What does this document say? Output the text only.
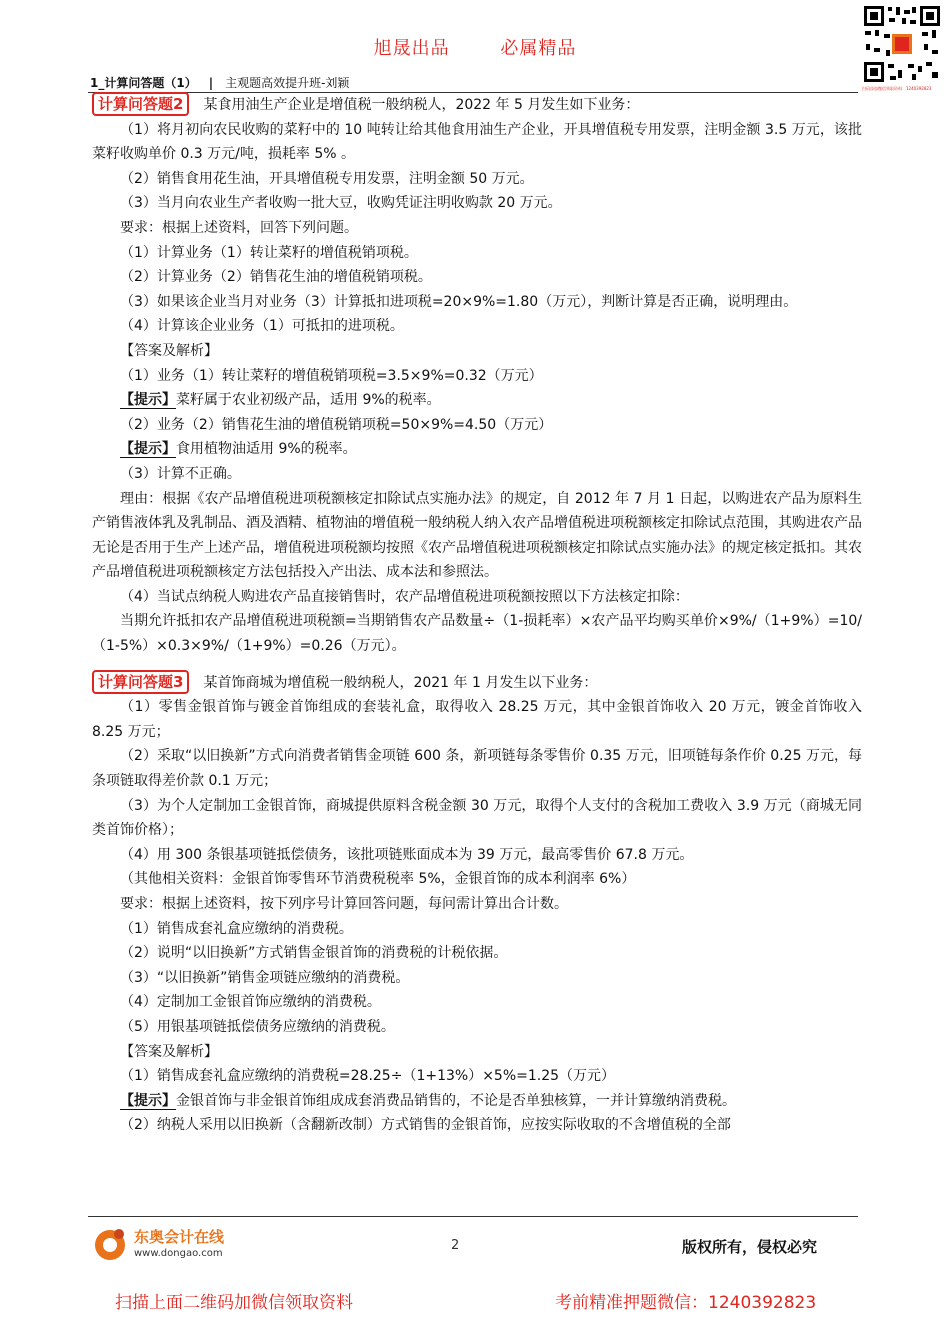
旭晟出品	必属精品
扫码添加微信领取资料：1240392823
1_计算问答题（1） | 主观题高效提升班-刘颖

计算问答题2 某食用油生产企业是增值税一般纳税人，2022 年 5 月发生如下业务：

（1）将月初向农民收购的菜籽中的 10 吨转让给其他食用油生产企业，开具增值税专用发票，注明金额 3.5 万元，该批菜籽收购单价 0.3 万元/吨，损耗率 5% 。

（2）销售食用花生油，开具增值税专用发票，注明金额 50 万元。

（3）当月向农业生产者收购一批大豆，收购凭证注明收购款 20 万元。

要求：根据上述资料，回答下列问题。

（1）计算业务（1）转让菜籽的增值税销项税。

（2）计算业务（2）销售花生油的增值税销项税。

（3）如果该企业当月对业务（3）计算抵扣进项税=20×9%=1.80（万元），判断计算是否正确，说明理由。

（4）计算该企业业务（1）可抵扣的进项税。

【答案及解析】

（1）业务（1）转让菜籽的增值税销项税=3.5×9%=0.32（万元）

【提示】菜籽属于农业初级产品，适用 9%的税率。

（2）业务（2）销售花生油的增值税销项税=50×9%=4.50（万元）

【提示】食用植物油适用 9%的税率。

（3）计算不正确。

理由：根据《农产品增值税进项税额核定扣除试点实施办法》的规定，自 2012 年 7 月 1 日起，以购进农产品为原料生产销售液体乳及乳制品、酒及酒精、植物油的增值税一般纳税人纳入农产品增值税进项税额核定扣除试点范围，其购进农产品无论是否用于生产上述产品，增值税进项税额均按照《农产品增值税进项税额核定扣除试点实施办法》的规定核定抵扣。其农产品增值税进项税额核定方法包括投入产出法、成本法和参照法。

（4）当试点纳税人购进农产品直接销售时，农产品增值税进项税额按照以下方法核定扣除：

当期允许抵扣农产品增值税进项税额=当期销售农产品数量÷（1-损耗率）×农产品平均购买单价×9%/（1+9%）=10/（1-5%）×0.3×9%/（1+9%）=0.26（万元）。

计算问答题3 某首饰商城为增值税一般纳税人，2021 年 1 月发生以下业务：

（1）零售金银首饰与镀金首饰组成的套装礼盒，取得收入 28.25 万元，其中金银首饰收入 20 万元，镀金首饰收入 8.25 万元；

（2）采取“以旧换新”方式向消费者销售金项链 600 条，新项链每条零售价 0.35 万元，旧项链每条作价 0.25 万元，每条项链取得差价款 0.1 万元；

（3）为个人定制加工金银首饰，商城提供原料含税金额 30 万元，取得个人支付的含税加工费收入 3.9 万元（商城无同类首饰价格）；

（4）用 300 条银基项链抵偿债务，该批项链账面成本为 39 万元，最高零售价 67.8 万元。

（其他相关资料：金银首饰零售环节消费税税率 5%，金银首饰的成本利润率 6%）

要求：根据上述资料，按下列序号计算回答问题，每问需计算出合计数。

（1）销售成套礼盒应缴纳的消费税。

（2）说明“以旧换新”方式销售金银首饰的消费税的计税依据。

（3）“以旧换新”销售金项链应缴纳的消费税。

（4）定制加工金银首饰应缴纳的消费税。

（5）用银基项链抵偿债务应缴纳的消费税。

【答案及解析】

（1）销售成套礼盒应缴纳的消费税=28.25÷（1+13%）×5%=1.25（万元）

【提示】金银首饰与非金银首饰组成成套消费品销售的，不论是否单独核算，一并计算缴纳消费税。

（2）纳税人采用以旧换新（含翻新改制）方式销售的金银首饰，应按实际收取的不含增值税的全部

东奥会计在线
www.dongao.com
2	版权所有，侵权必究
扫描上面二维码加微信领取资料	考前精准押题微信：1240392823
